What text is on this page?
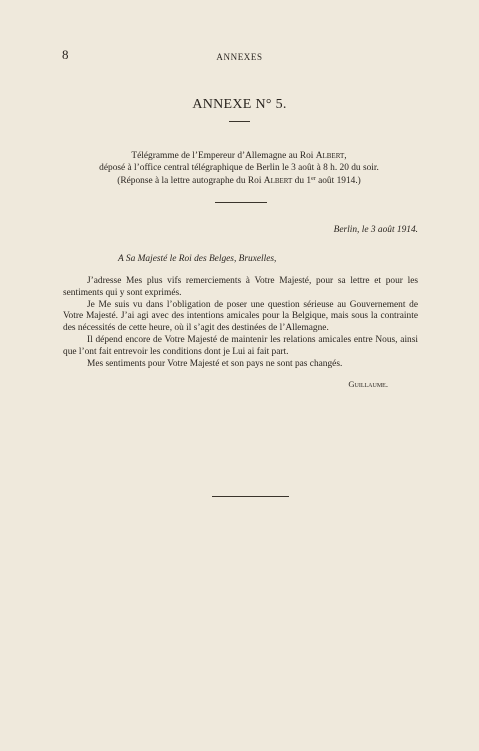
8	ANNEXES
ANNEXE N° 5.
Télégramme de l’Empereur d’Allemagne au Roi Albert,
déposé à l’office central télégraphique de Berlin le 3 août à 8 h. 20 du soir.
(Réponse à la lettre autographe du Roi Albert du 1er août 1914.)
Berlin, le 3 août 1914.
A Sa Majesté le Roi des Belges, Bruxelles,

J’adresse Mes plus vifs remerciements à Votre Majesté, pour sa lettre et pour les sentiments qui y sont exprimés.

Je Me suis vu dans l’obligation de poser une question sérieuse au Gouvernement de Votre Majesté. J’ai agi avec des intentions amicales pour la Belgique, mais sous la contrainte des nécessités de cette heure, où il s’agit des destinées de l’Allemagne.

Il dépend encore de Votre Majesté de maintenir les relations amicales entre Nous, ainsi que l’ont fait entrevoir les conditions dont je Lui ai fait part.

Mes sentiments pour Votre Majesté et son pays ne sont pas changés.

Guillaume.
